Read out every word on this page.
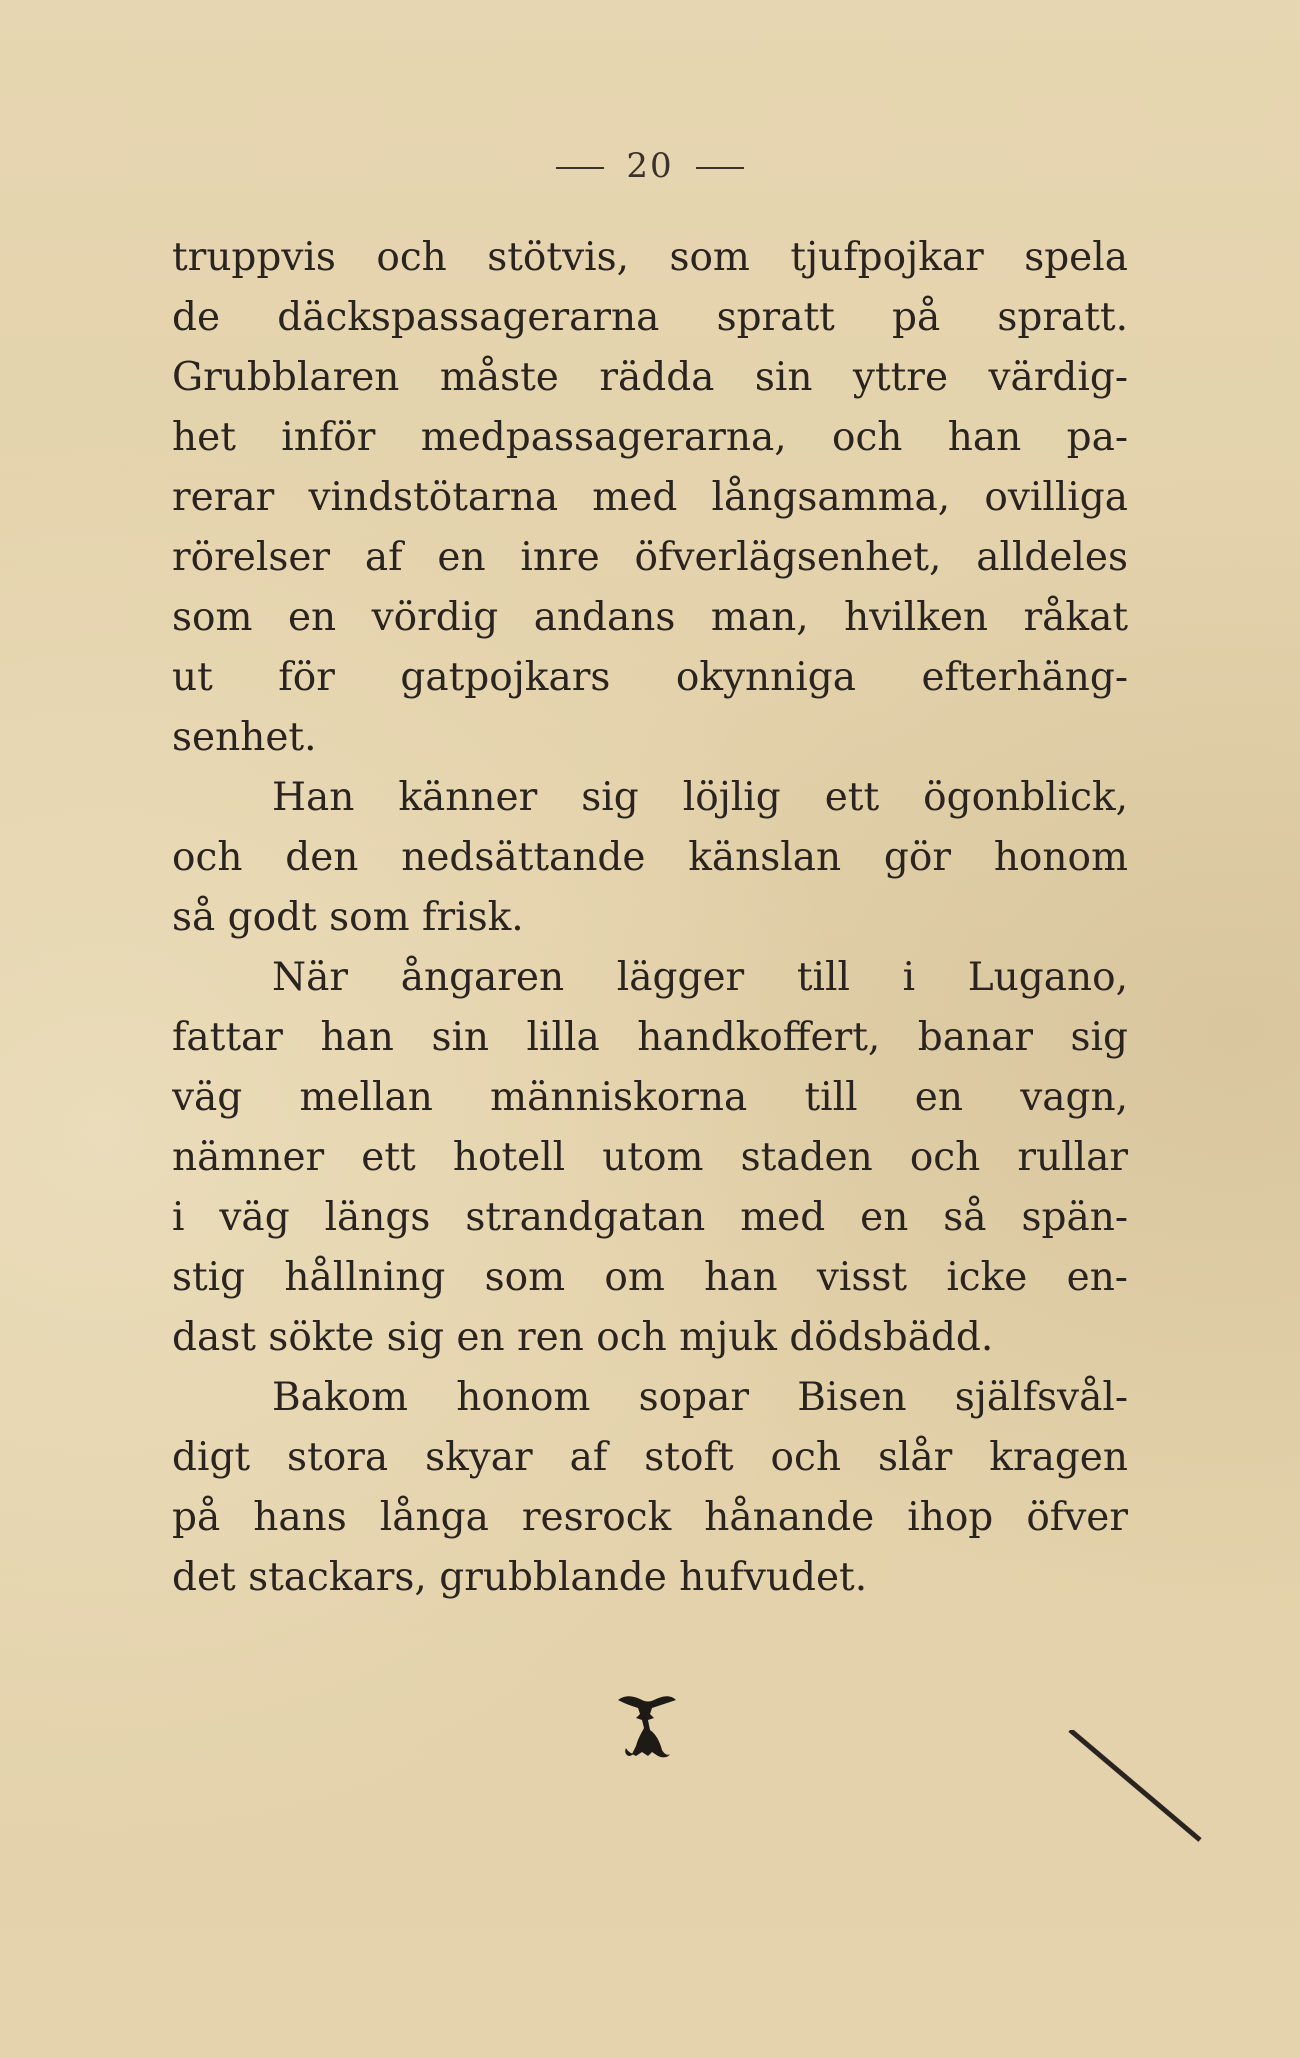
20
truppvis och stötvis, som tjufpojkar spela
de däckspassagerarna spratt på spratt.
Grubblaren måste rädda sin yttre värdig-
het inför medpassagerarna, och han pa-
rerar vindstötarna med långsamma, ovilliga
rörelser af en inre öfverlägsenhet, alldeles
som en vördig andans man, hvilken råkat
ut för gatpojkars okynniga efterhäng-
senhet.
Han känner sig löjlig ett ögonblick,
och den nedsättande känslan gör honom
så godt som frisk.
När ångaren lägger till i Lugano,
fattar han sin lilla handkoffert, banar sig
väg mellan människorna till en vagn,
nämner ett hotell utom staden och rullar
i väg längs strandgatan med en så spän-
stig hållning som om han visst icke en-
dast sökte sig en ren och mjuk dödsbädd.
Bakom honom sopar Bisen själfsvål-
digt stora skyar af stoft och slår kragen
på hans långa resrock hånande ihop öfver
det stackars, grubblande hufvudet.
